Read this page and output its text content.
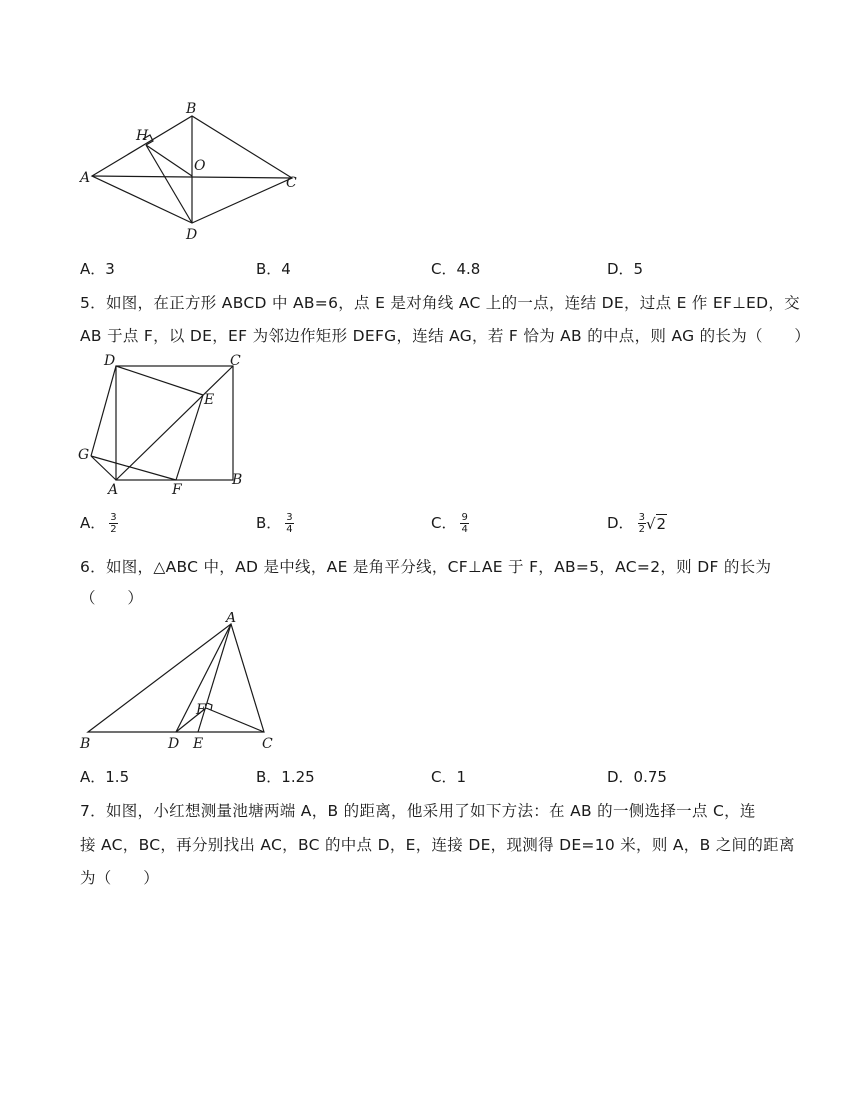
B
H
O
A	C
D
A．3	B．4	C．4.8	D．5
5．如图，在正方形 ABCD 中 AB=6，点 E 是对角线 AC 上的一点，连结 DE，过点 E 作 EF⊥ED，交
AB 于点 F，以 DE，EF 为邻边作矩形 DEFG，连结 AG，若 F 恰为 AB 的中点，则 AG 的长为（　　）
D	C
E
G
A	F
B
A． $\frac{3}{2}$	B． $\frac{3}{4}$	C． $\frac{9}{4}$	D． $\frac{3}{2} √2$
6．如图，△ABC 中，AD 是中线，AE 是角平分线，CF⊥AE 于 F，AB=5，AC=2，则 DF 的长为
（　　）
A
F
B	D E	C
A．1.5	B．1.25	C．1	D．0.75
7．如图，小红想测量池塘两端 A，B 的距离，他采用了如下方法：在 AB 的一侧选择一点 C，连
接 AC，BC，再分别找出 AC，BC 的中点 D，E，连接 DE，现测得 DE=10 米，则 A，B 之间的距离
为（　　）
